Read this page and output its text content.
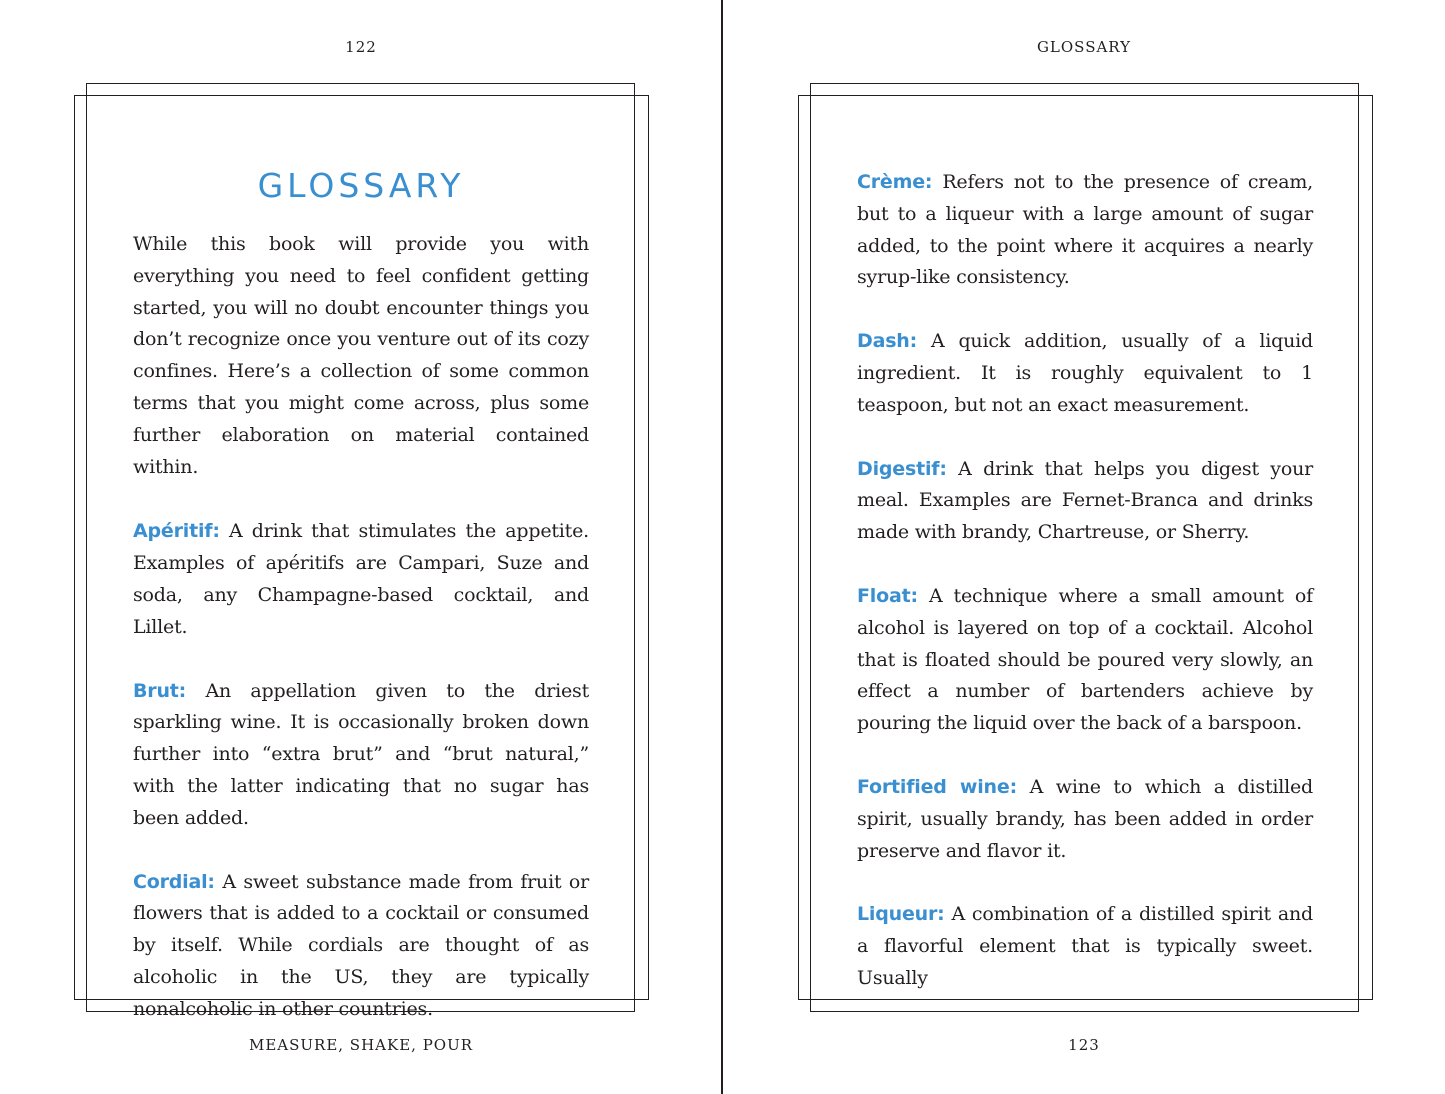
122
GLOSSARY

While this book will provide you with everything you need to feel confident getting started, you will no doubt encounter things you don’t recognize once you venture out of its cozy confines. Here’s a collection of some common terms that you might come across, plus some further elaboration on material contained within.

Apéritif: A drink that stimulates the appetite. Examples of apéritifs are Campari, Suze and soda, any Champagne-based cocktail, and Lillet.

Brut: An appellation given to the driest sparkling wine. It is occasionally broken down further into “extra brut” and “brut natural,” with the latter indicating that no sugar has been added.

Cordial: A sweet substance made from fruit or flowers that is added to a cocktail or consumed by itself. While cordials are thought of as alcoholic in the US, they are typically nonalcoholic in other countries.

MEASURE, SHAKE, POUR
GLOSSARY

Crème: Refers not to the presence of cream, but to a liqueur with a large amount of sugar added, to the point where it acquires a nearly syrup-like consistency.

Dash: A quick addition, usually of a liquid ingredient. It is roughly equivalent to 1 teaspoon, but not an exact measurement.

Digestif: A drink that helps you digest your meal. Examples are Fernet-Branca and drinks made with brandy, Chartreuse, or Sherry.

Float: A technique where a small amount of alcohol is layered on top of a cocktail. Alcohol that is floated should be poured very slowly, an effect a number of bartenders achieve by pouring the liquid over the back of a barspoon.

Fortified wine: A wine to which a distilled spirit, usually brandy, has been added in order preserve and flavor it.

Liqueur: A combination of a distilled spirit and a flavorful element that is typically sweet. Usually

123
